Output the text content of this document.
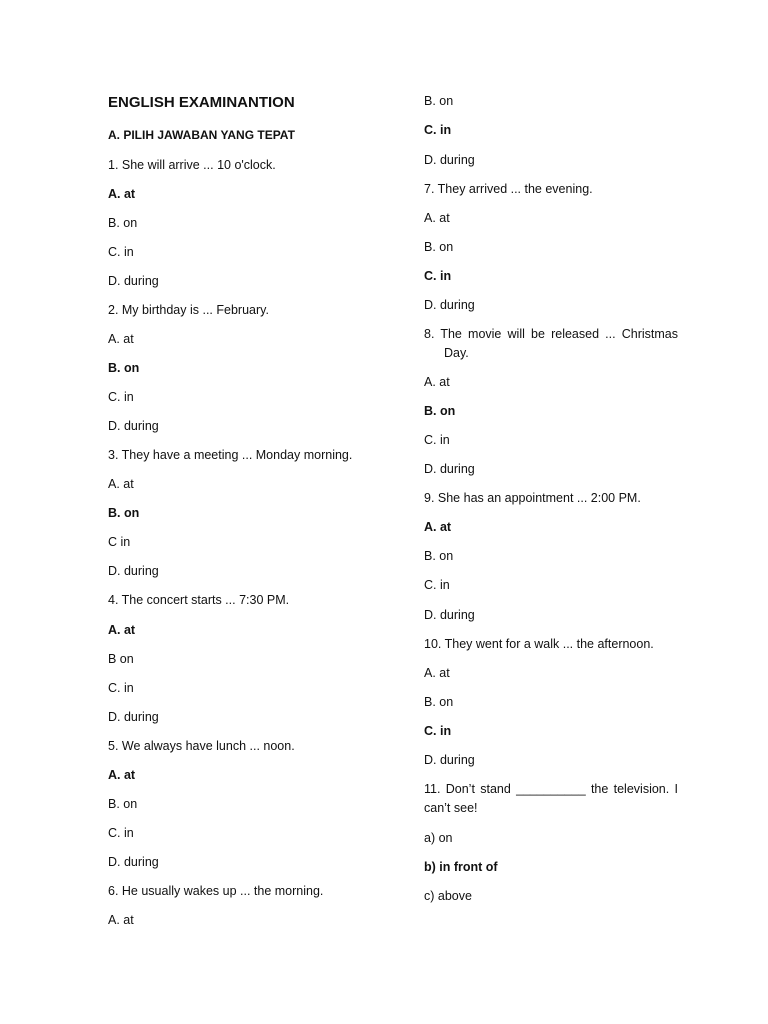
ENGLISH EXAMINANTION
A. PILIH JAWABAN YANG TEPAT
1. She will arrive ... 10 o'clock.
A. at
B. on
C. in
D. during
2. My birthday is ... February.
A. at
B. on
C. in
D. during
3. They have a meeting ... Monday morning.
A. at
B. on
C in
D. during
4. The concert starts ... 7:30 PM.
A. at
B on
C. in
D. during
5. We always have lunch ... noon.
A. at
B. on
C. in
D. during
6. He usually wakes up ... the morning.
A. at
B. on
C. in
D. during
7. They arrived ... the evening.
A. at
B. on
C. in
D. during
8. The movie will be released ... Christmas
Day.
A. at
B. on
C. in
D. during
9. She has an appointment ... 2:00 PM.
A. at
B. on
C. in
D. during
10. They went for a walk ... the afternoon.
A. at
B. on
C. in
D. during
11. Don’t stand __________ the television. I
can’t see!
a) on
b) in front of
c) above
